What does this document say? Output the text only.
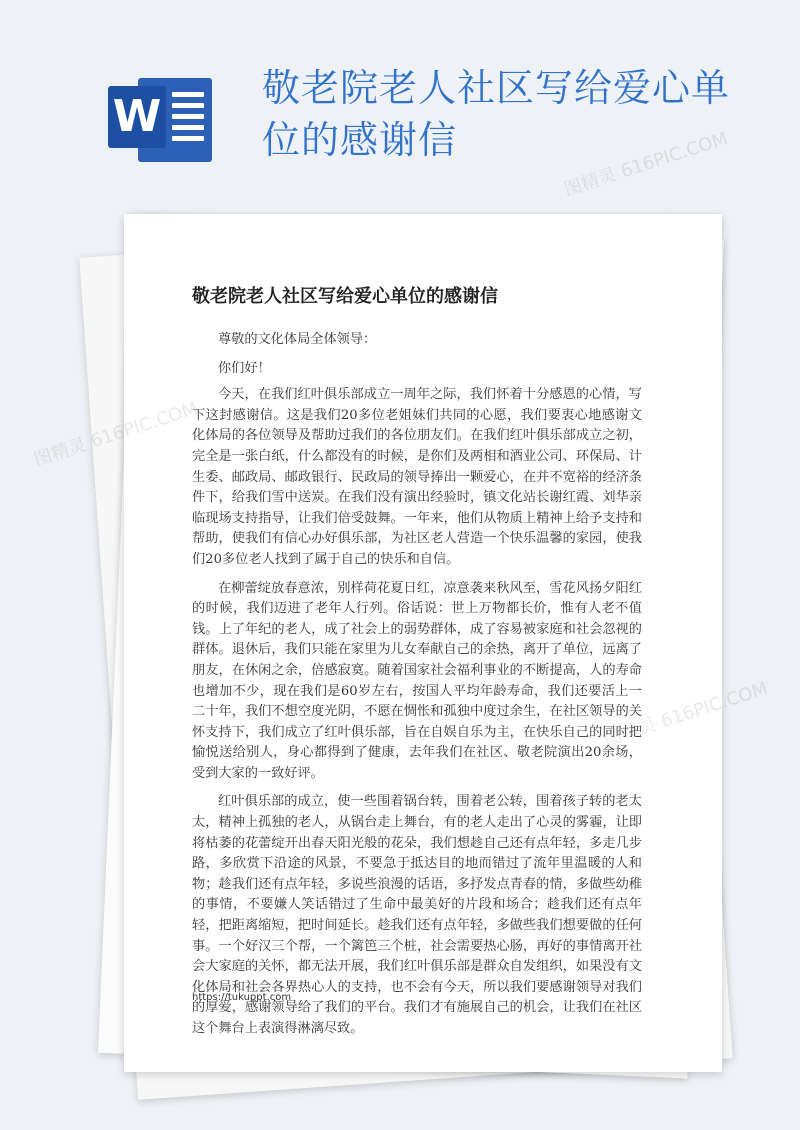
W
敬老院老人社区写给爱心单位的感谢信
敬老院老人社区写给爱心单位的感谢信

尊敬的文化体局全体领导：

你们好！

今天，在我们红叶俱乐部成立一周年之际，我们怀着十分感恩的心情，写下这封感谢信。这是我们20多位老姐妹们共同的心愿，我们要衷心地感谢文化体局的各位领导及帮助过我们的各位朋友们。在我们红叶俱乐部成立之初，完全是一张白纸，什么都没有的时候，是你们及两相和酒业公司、环保局、计生委、邮政局、邮政银行、民政局的领导捧出一颗爱心，在并不宽裕的经济条件下，给我们雪中送炭。在我们没有演出经验时，镇文化站长谢红霞、刘华亲临现场支持指导，让我们倍受鼓舞。一年来，他们从物质上精神上给予支持和帮助，使我们有信心办好俱乐部，为社区老人营造一个快乐温馨的家园，使我们20多位老人找到了属于自己的快乐和自信。

在柳蕾绽放春意浓，别样荷花夏日红，凉意袭来秋风至，雪花风扬夕阳红的时候，我们迈进了老年人行列。俗话说：世上万物都长价，惟有人老不值钱。上了年纪的老人，成了社会上的弱势群体，成了容易被家庭和社会忽视的群体。退休后，我们只能在家里为儿女奉献自己的余热，离开了单位，远离了朋友，在休闲之余，倍感寂寞。随着国家社会福利事业的不断提高，人的寿命也增加不少，现在我们是60岁左右，按国人平均年龄寿命，我们还要活上一二十年，我们不想空度光阴，不愿在惆怅和孤独中度过余生，在社区领导的关怀支持下，我们成立了红叶俱乐部，旨在自娱自乐为主，在快乐自己的同时把愉悦送给别人，身心都得到了健康，去年我们在社区、敬老院演出20余场，受到大家的一致好评。

红叶俱乐部的成立，使一些围着锅台转，围着老公转，围着孩子转的老太太，精神上孤独的老人，从锅台走上舞台，有的老人走出了心灵的雾霾，让即将枯萎的花蕾绽开出春天阳光般的花朵，我们想趁自己还有点年轻，多走几步路，多欣赏下沿途的风景，不要急于抵达目的地而错过了流年里温暖的人和物；趁我们还有点年轻，多说些浪漫的话语，多抒发点青春的情，多做些幼稚的事情，不要嫌人笑话错过了生命中最美好的片段和场合；趁我们还有点年轻，把距离缩短，把时间延长。趁我们还有点年轻，多做些我们想要做的任何事。一个好汉三个帮，一个篱笆三个桩，社会需要热心肠，再好的事情离开社会大家庭的关怀，都无法开展，我们红叶俱乐部是群众自发组织，如果没有文化体局和社会各界热心人的支持，也不会有今天，所以我们要感谢领导对我们的厚爱，感谢领导给了我们的平台。我们才有施展自己的机会，让我们在社区这个舞台上表演得淋漓尽致。

https://tukuppt.com
图精灵 616PIC.COM
图精灵
